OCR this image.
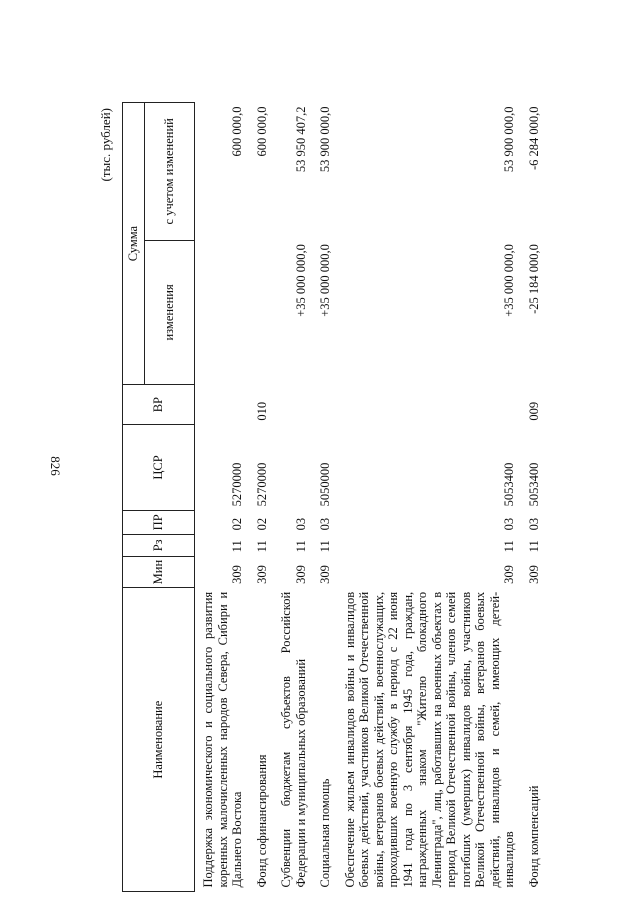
826
(тыс. рублей)
Наименование	Мин	Рз	ПР	ЦСР	ВР	Сумма	
						изменения	с учетом изменений
Поддержка экономического и социального развития коренных малочисленных народов Севера, Сибири и Дальнего Востока	309	11	02	5270000			600 000,0
Фонд софинансирования	309	11	02	5270000	010		600 000,0
Субвенции бюджетам субъектов Российской Федерации и муниципальных образований	309	11	03			+35 000 000,0	53 950 407,2
Социальная помощь	309	11	03	5050000		+35 000 000,0	53 900 000,0
Обеспечение жильем инвалидов войны и инвалидов боевых действий, участников Великой Отечественной войны, ветеранов боевых действий, военнослужащих, проходивших военную службу в период с 22 июня 1941 года по 3 сентября 1945 года, граждан, награжденных знаком "Жителю блокадного Ленинграда", лиц, работавших на военных объектах в период Великой Отечественной войны, членов семей погибших (умерших) инвалидов войны, участников Великой Отечественной войны, ветеранов боевых действий, инвалидов и семей, имеющих детей-инвалидов	309	11	03	5053400		+35 000 000,0	53 900 000,0
Фонд компенсаций	309	11	03	5053400	009	-25 184 000,0	-6 284 000,0
